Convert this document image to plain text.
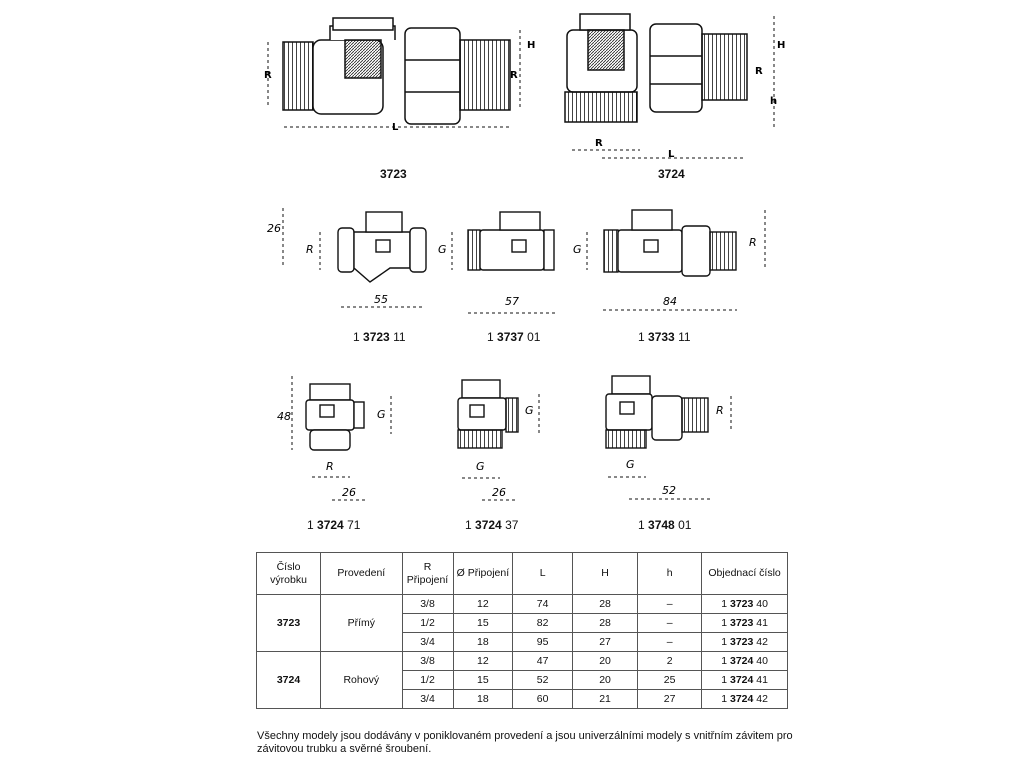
R
L
H
R
H
R
h
R
L
26
R	G	G
R
55	57	84
48	G	G	R
R	G	G
26	26	52
3723	3724
1 3723 11	1 3737 01	1 3733 11
1 3724 71	1 3724 37	1 3748 01
Číslo výrobku	Provedení	R Připojení	Ø Připojení	L	H	h	Objednací číslo
3723	Přímý	3/8	12	74	28	–	1 3723 40
		1/2	15	82	28	–	1 3723 41
		3/4	18	95	27	–	1 3723 42
3724	Rohový	3/8	12	47	20	2	1 3724 40
		1/2	15	52	20	25	1 3724 41
		3/4	18	60	21	27	1 3724 42
Všechny modely jsou dodávány v poniklovaném provedení a jsou univerzálními modely s vnitřním závitem pro závitovou trubku a svěrné šroubení.
